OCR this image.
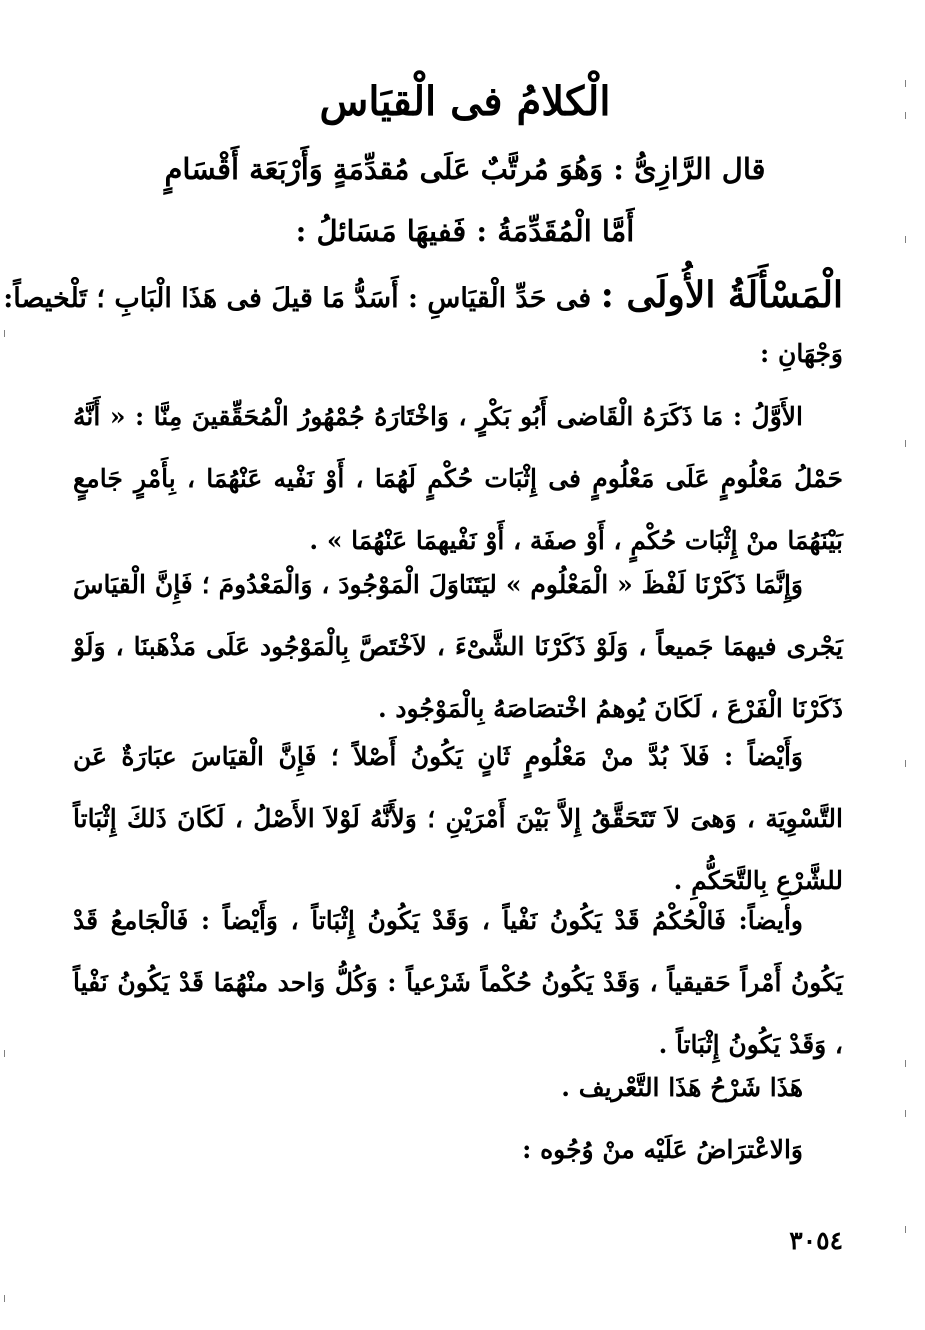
الْكلامُ فى الْقيَاس
قال الرَّازِىُّ : وَهُوَ مُرتَّبٌ عَلَى مُقدِّمَةٍ وَأَرْبَعَة أَقْسَامٍ
أَمَّا الْمُقَدِّمَةُ : فَفيهَا مَسَائلُ :
الْمَسْأَلَةُ الأُولَى : فى حَدِّ الْقيَاسِ : أَسَدُّ مَا قيلَ فى هَذَا الْبَابِ ؛ تَلْخيصاً:
وَجْهَانِ :
الأَوَّلُ : مَا ذَكَرَهُ الْقَاضى أَبُو بَكْرٍ ، وَاخْتَارَهُ جُمْهُورُ الْمُحَقِّقينَ مِنَّا : « أَنَّهُ حَمْلُ مَعْلُومٍ عَلَى مَعْلُومٍ فى إِثْبَات حُكْمٍ لَهُمَا ، أَوْ نَفْيه عَنْهُمَا ، بِأَمْرٍ جَامعٍ بَيْنَهُمَا منْ إِثْبَات حُكْمٍ ، أَوْ صفَة ، أَوْ نَفْيهمَا عَنْهُمَا » .
وَإِنَّمَا ذَكَرْنَا لَفْظَ « الْمَعْلُوم » ليَتَنَاوَلَ الْمَوْجُودَ ، وَالْمَعْدُومَ ؛ فَإِنَّ الْقيَاسَ يَجْرى فيهمَا جَميعاً ، وَلَوْ ذَكَرْنَا الشَّىْءَ ، لاَخْتَصَّ بِالْمَوْجُود عَلَى مَذْهَبنَا ، وَلَوْ ذَكَرْنَا الْفَرْعَ ، لَكَانَ يُوهمُ اخْتصَاصَهُ بِالْمَوْجُود .
وَأَيْضاً : فَلاَ بُدَّ منْ مَعْلُومٍ ثَانٍ يَكُونُ أَصْلاً ؛ فَإِنَّ الْقيَاسَ عبَارَةٌ عَن التَّسْوِيَة ، وَهىَ لاَ تَتَحَقَّقُ إِلاَّ بَيْنَ أَمْرَيْنِ ؛ وَلأَنَّهُ لَوْلاَ الأَصْلُ ، لَكَانَ ذَلكَ إِثْبَاتاً للشَّرْعِ بِالتَّحَكُّمِ .
وأيضاً: فَالْحُكْمُ قَدْ يَكُونُ نَفْياً ، وَقَدْ يَكُونُ إِثْبَاتاً ، وَأَيْضاً : فَالْجَامعُ قَدْ يَكُونُ أَمْراً حَقيقياً ، وَقَدْ يَكُونُ حُكْماً شَرْعياً : وَكُلُّ وَاحد منْهُمَا قَدْ يَكُونُ نَفْياً ، وَقَدْ يَكُونُ إِثْبَاتاً .
هَذَا شَرْحُ هَذَا التَّعْريف .
وَالاعْترَاضُ عَلَيْه منْ وُجُوه :
٣٠٥٤
